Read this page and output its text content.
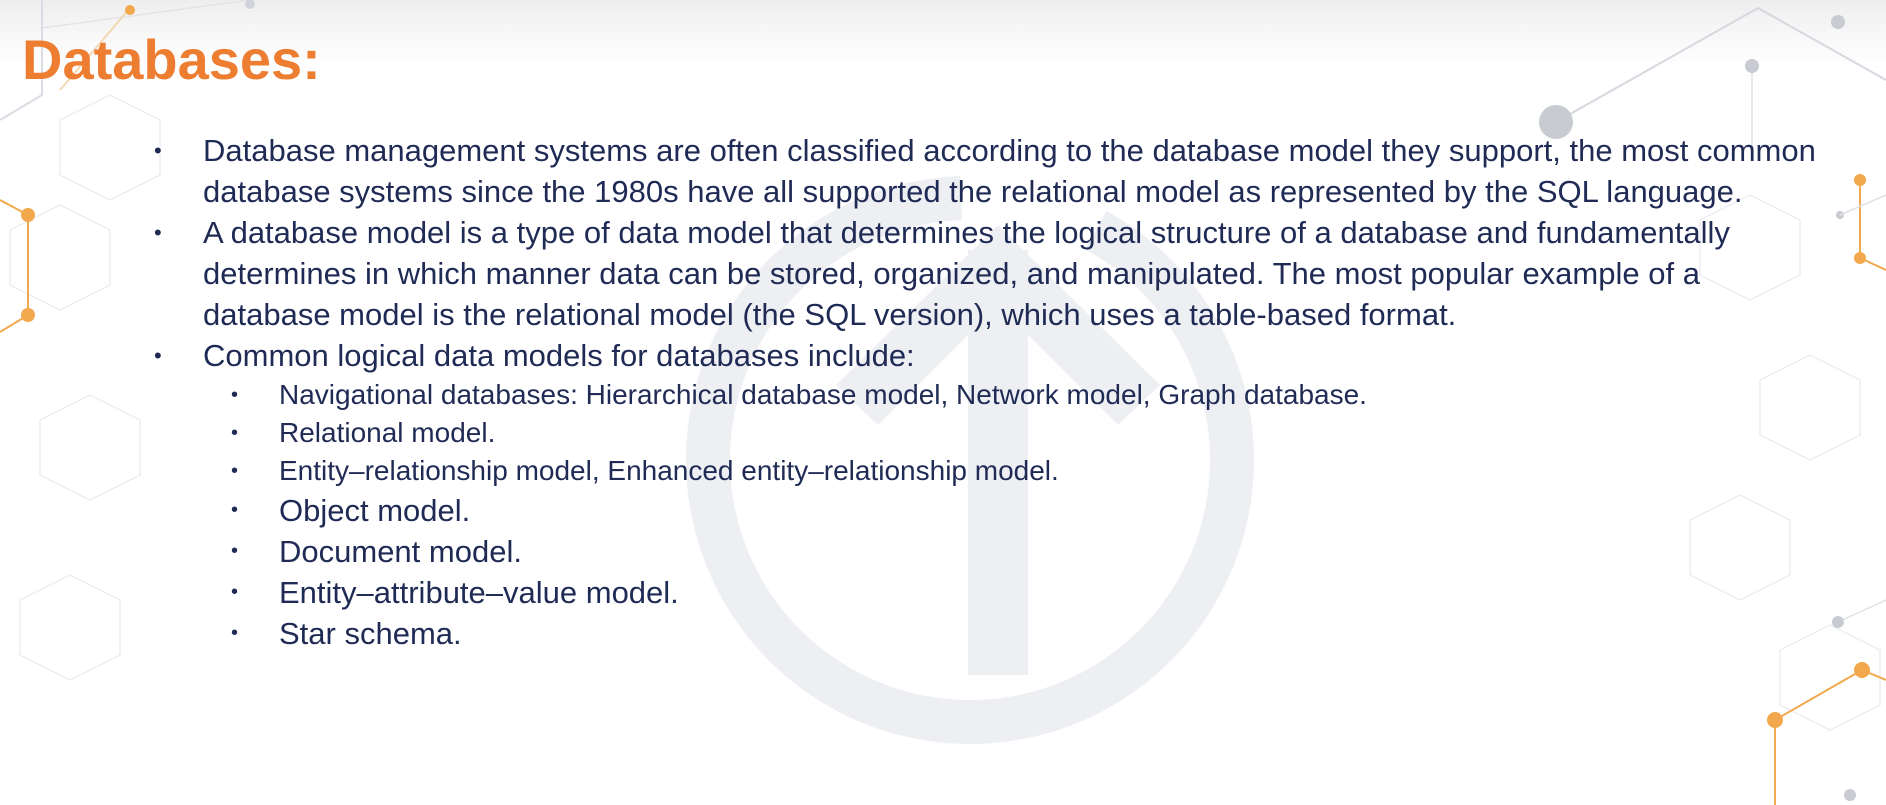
Databases:
• Database management systems are often classified according to the database model they support, the most common database systems since the 1980s have all supported the relational model as represented by the SQL language.
• A database model is a type of data model that determines the logical structure of a database and fundamentally determines in which manner data can be stored, organized, and manipulated. The most popular example of a database model is the relational model (the SQL version), which uses a table-based format.
• Common logical data models for databases include:
• Navigational databases: Hierarchical database model, Network model, Graph database.
• Relational model.
• Entity–relationship model, Enhanced entity–relationship model.
• Object model.
• Document model.
• Entity–attribute–value model.
• Star schema.
